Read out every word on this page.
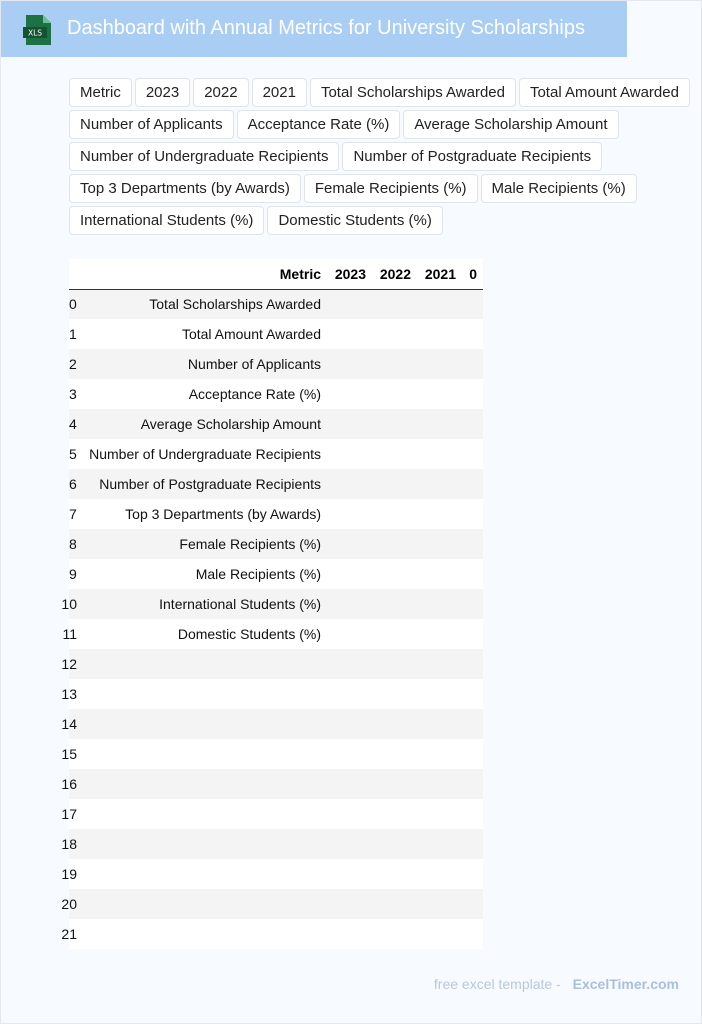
XLS Dashboard with Annual Metrics for University Scholarships
Metric	2023	2022	2021	Total Scholarships Awarded	Total Amount Awarded
Number of Applicants	Acceptance Rate (%)	Average Scholarship Amount
Number of Undergraduate Recipients	Number of Postgraduate Recipients
Top 3 Departments (by Awards)	Female Recipients (%)	Male Recipients (%)
International Students (%)	Domestic Students (%)
	Metric	2023	2022	2021	0
0	Total Scholarships Awarded				
1	Total Amount Awarded				
2	Number of Applicants				
3	Acceptance Rate (%)				
4	Average Scholarship Amount				
5	Number of Undergraduate Recipients				
6	Number of Postgraduate Recipients				
7	Top 3 Departments (by Awards)				
8	Female Recipients (%)				
9	Male Recipients (%)				
10	International Students (%)				
11	Domestic Students (%)				
12					
13					
14					
15					
16					
17					
18					
19					
20					
21					
free excel template - ExcelTimer.com
